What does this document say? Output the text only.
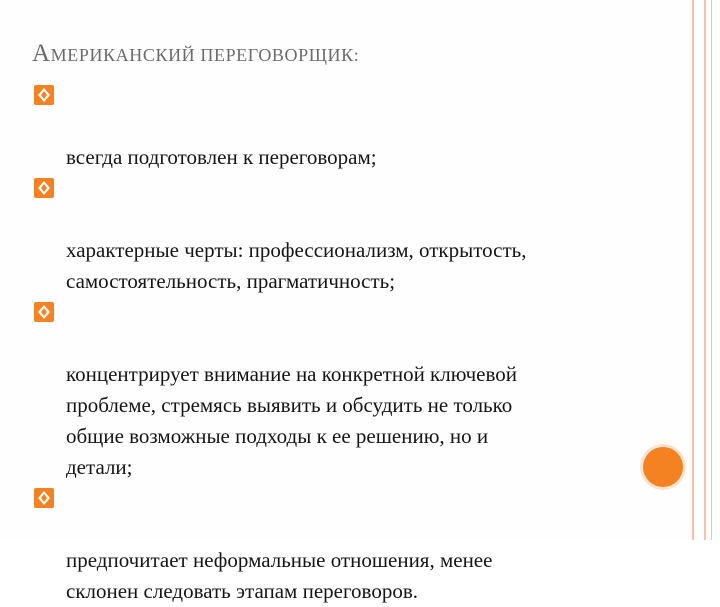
АМЕРИКАНСКИЙ ПЕРЕГОВОРЩИК:

всегда подготовлен к переговорам;

характерные черты: профессионализм, открытость,
самостоятельность, прагматичность;

концентрирует внимание на конкретной ключевой
проблеме, стремясь выявить и обсудить не только
общие возможные подходы к ее решению, но и
детали;

предпочитает неформальные отношения, менее
склонен следовать этапам переговоров.
